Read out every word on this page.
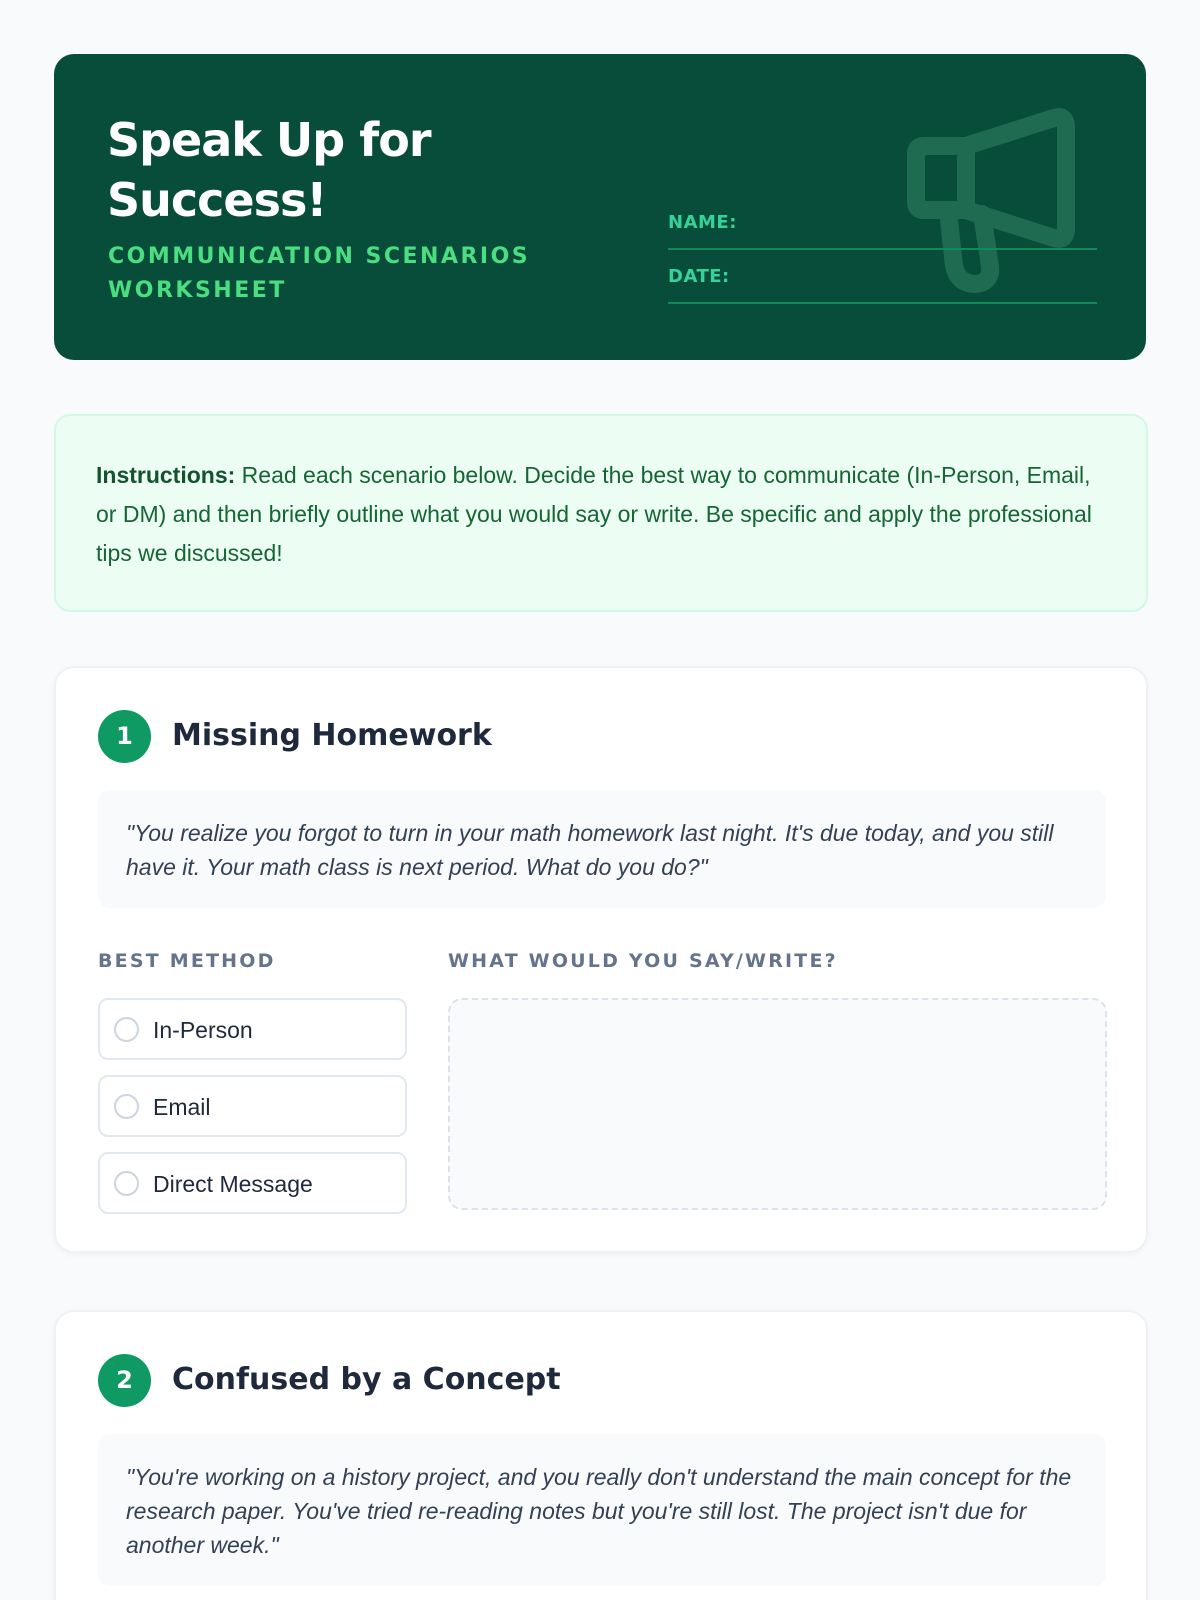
Speak Up for Success!
COMMUNICATION SCENARIOS WORKSHEET
NAME:
DATE:
Instructions: Read each scenario below. Decide the best way to communicate (In-Person, Email, or DM) and then briefly outline what you would say or write. Be specific and apply the professional tips we discussed!
1	Missing Homework
"You realize you forgot to turn in your math homework last night. It's due today, and you still have it. Your math class is next period. What do you do?"
BEST METHOD	WHAT WOULD YOU SAY/WRITE?
In-Person
Email
Direct Message
2	Confused by a Concept
"You're working on a history project, and you really don't understand the main concept for the research paper. You've tried re-reading notes but you're still lost. The project isn't due for another week."
